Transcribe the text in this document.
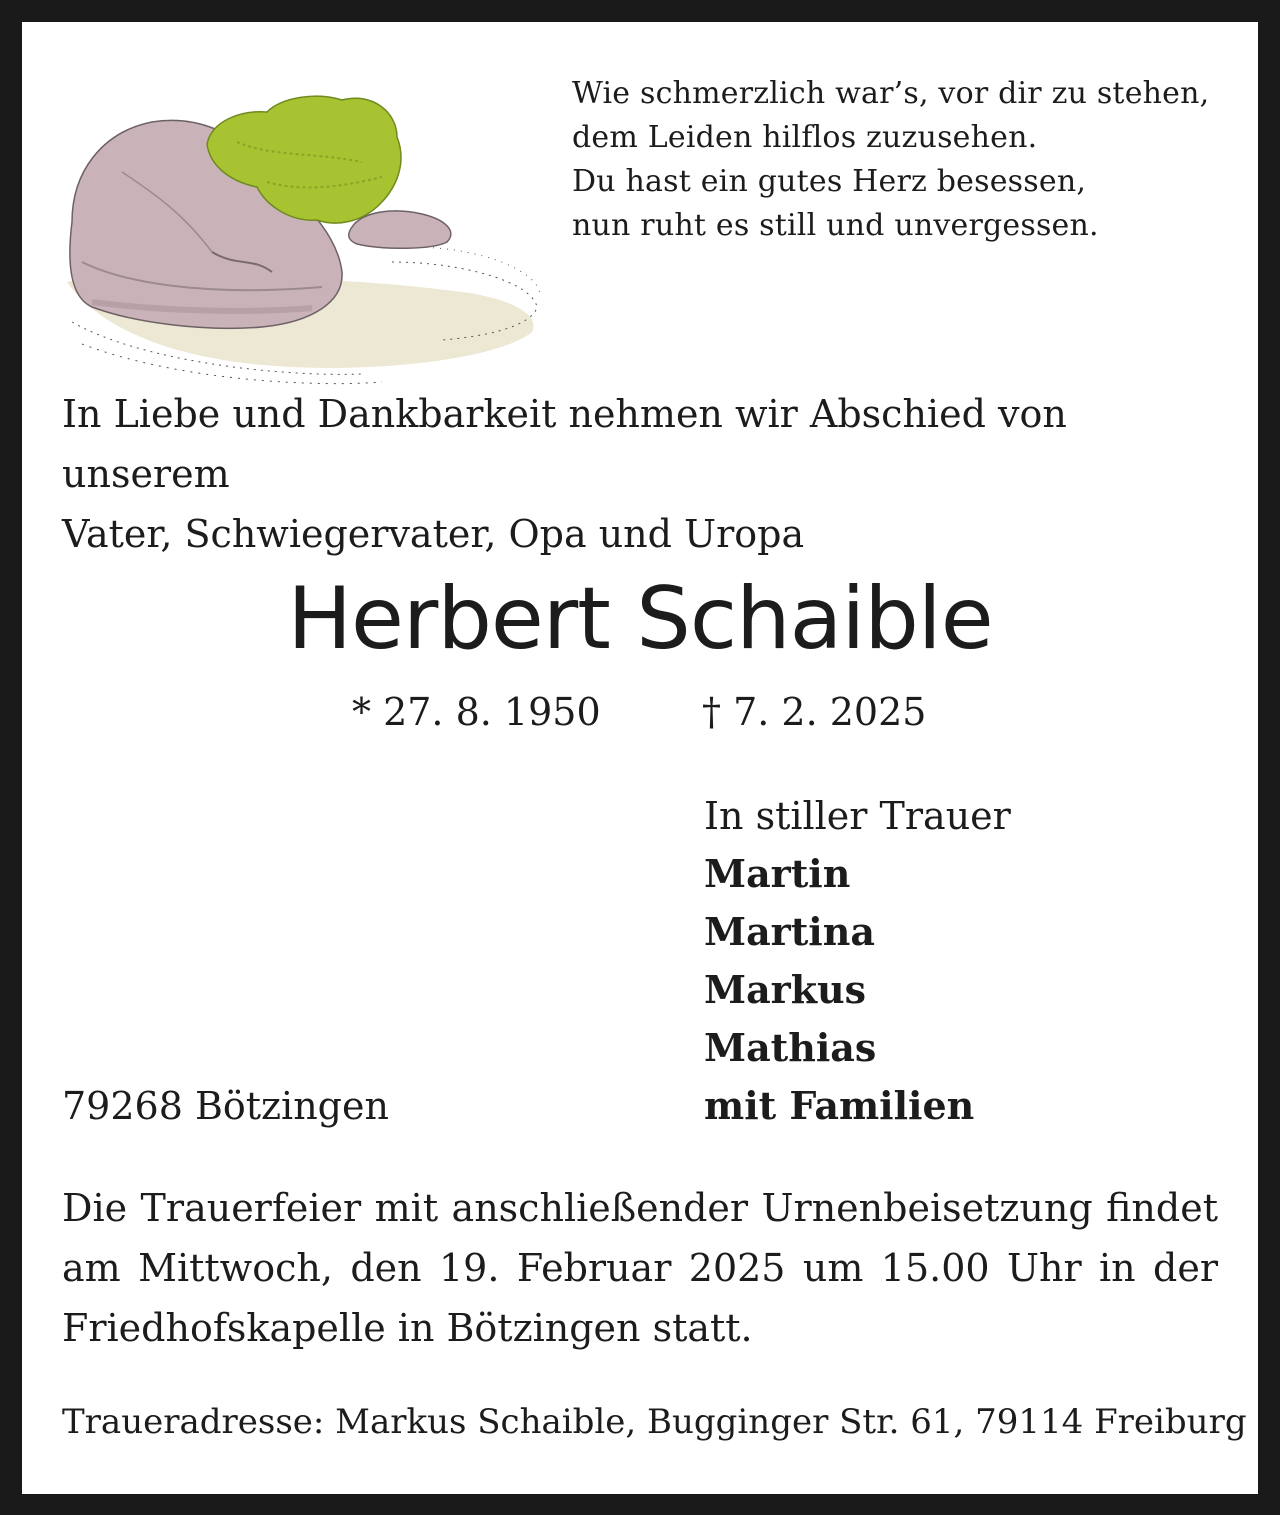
Wie schmerzlich war’s, vor dir zu stehen,
dem Leiden hilflos zuzusehen.
Du hast ein gutes Herz besessen,
nun ruht es still und unvergessen.
In Liebe und Dankbarkeit nehmen wir Abschied von unserem
Vater, Schwiegervater, Opa und Uropa
Herbert Schaible
* 27. 8. 1950	† 7. 2. 2025
In stiller Trauer
Martin
Martina
Markus
Mathias
mit Familien
79268 Bötzingen
Die Trauerfeier mit anschließender Urnenbeisetzung findet am Mittwoch, den 19. Februar 2025 um 15.00 Uhr in der Friedhofskapelle in Bötzingen statt.
Traueradresse: Markus Schaible, Bugginger Str. 61, 79114 Freiburg
